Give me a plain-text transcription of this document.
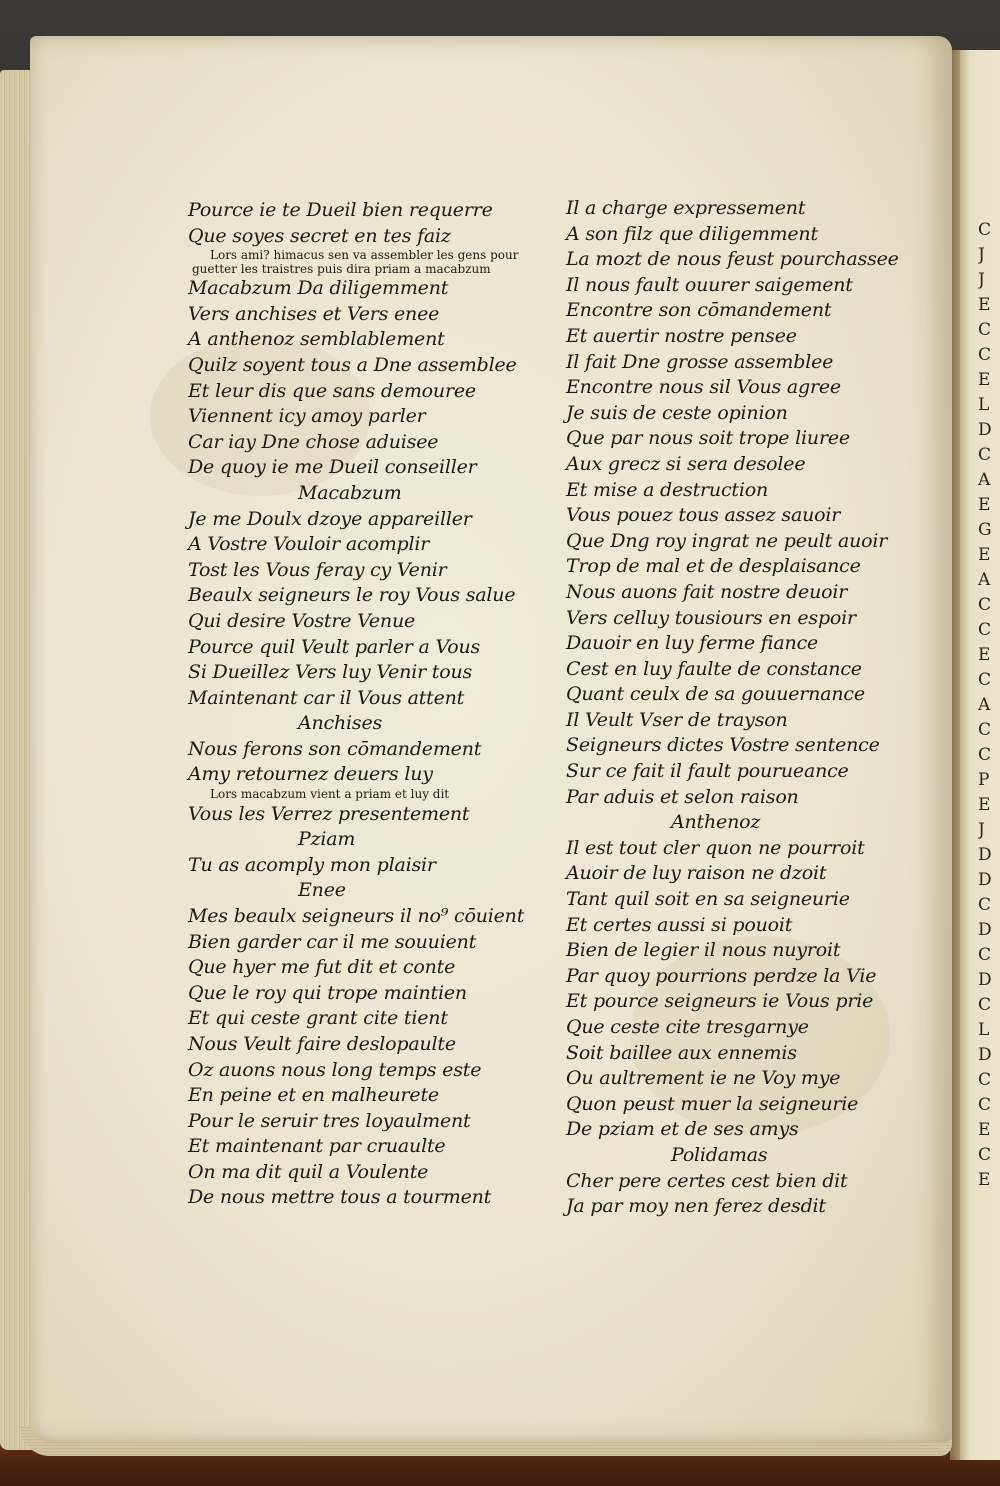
C
J
J
E
C
C
E
L
D
C
A
E
G
E
A
C
C
E
C
A
C
C
P
E
J
D
D
C
D
C
D
C
L
D
C
C
E
C
E
Pource ie te Dueil bien requerre
Que soyes secret en tes faiz
Lors ami? himacus sen va assembler les gens pour
guetter les traistres puis dira priam a macabzum
Macabzum Da diligemment
Vers anchises et Vers enee
A anthenoz semblablement
Quilz soyent tous a Dne assemblee
Et leur dis que sans demouree
Viennent icy amoy parler
Car iay Dne chose aduisee
De quoy ie me Dueil conseiller
Macabzum
Je me Doulx dzoye appareiller
A Vostre Vouloir acomplir
Tost les Vous feray cy Venir
Beaulx seigneurs le roy Vous salue
Qui desire Vostre Venue
Pource quil Veult parler a Vous
Si Dueillez Vers luy Venir tous
Maintenant car il Vous attent
Anchises
Nous ferons son cōmandement
Amy retournez deuers luy
Lors macabzum vient a priam et luy dit
Vous les Verrez presentement
Pziam
Tu as acomply mon plaisir
Enee
Mes beaulx seigneurs il no⁹ cōuient
Bien garder car il me souuient
Que hyer me fut dit et conte
Que le roy qui trope maintien
Et qui ceste grant cite tient
Nous Veult faire deslopaulte
Oz auons nous long temps este
En peine et en malheurete
Pour le seruir tres loyaulment
Et maintenant par cruaulte
On ma dit quil a Voulente
De nous mettre tous a tourment
Il a charge expressement
A son filz que diligemment
La mozt de nous feust pourchassee
Il nous fault ouurer saigement
Encontre son cōmandement
Et auertir nostre pensee
Il fait Dne grosse assemblee
Encontre nous sil Vous agree
Je suis de ceste opinion
Que par nous soit trope liuree
Aux grecz si sera desolee
Et mise a destruction
Vous pouez tous assez sauoir
Que Dng roy ingrat ne peult auoir
Trop de mal et de desplaisance
Nous auons fait nostre deuoir
Vers celluy tousiours en espoir
Dauoir en luy ferme fiance
Cest en luy faulte de constance
Quant ceulx de sa gouuernance
Il Veult Vser de trayson
Seigneurs dictes Vostre sentence
Sur ce fait il fault pourueance
Par aduis et selon raison
Anthenoz
Il est tout cler quon ne pourroit
Auoir de luy raison ne dzoit
Tant quil soit en sa seigneurie
Et certes aussi si pouoit
Bien de legier il nous nuyroit
Par quoy pourrions perdze la Vie
Et pource seigneurs ie Vous prie
Que ceste cite tresgarnye
Soit baillee aux ennemis
Ou aultrement ie ne Voy mye
Quon peust muer la seigneurie
De pziam et de ses amys
Polidamas
Cher pere certes cest bien dit
Ja par moy nen ferez desdit
